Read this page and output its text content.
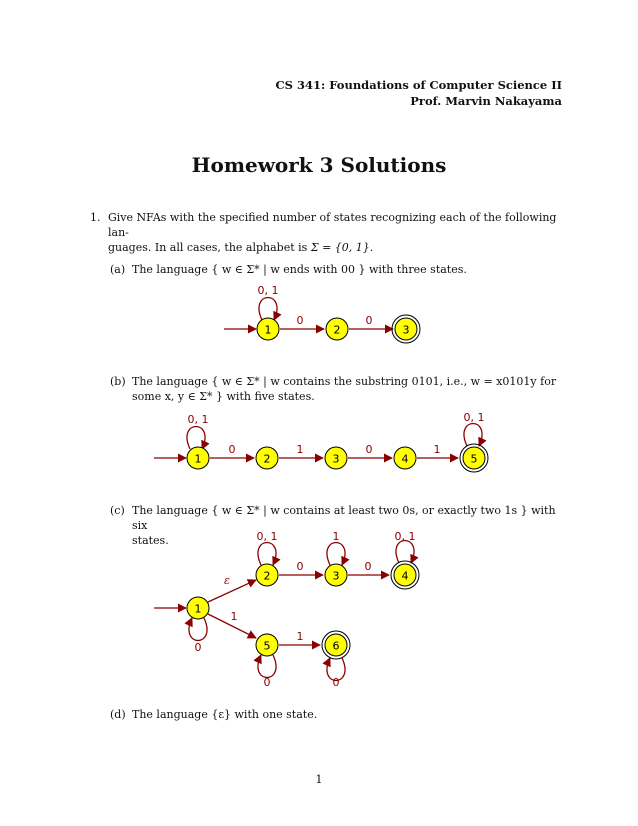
CS 341: Foundations of Computer Science II
Prof. Marvin Nakayama
Homework 3 Solutions
1. Give NFAs with the specified number of states recognizing each of the following lan-
guages. In all cases, the alphabet is Σ = {0, 1}.
(a) The language { w ∈ Σ* | w ends with 00 } with three states.
(b) The language { w ∈ Σ* | w contains the substring 0101, i.e., w = x0101y for
some x, y ∈ Σ* } with five states.
(c) The language { w ∈ Σ* | w contains at least two 0s, or exactly two 1s } with six
states.
(d) The language {ε} with one state.
1
0, 1
0	0
1	2	3
0, 1
0	1	0	1
0, 1
1	2	3	4	5
0
ε
1
0, 1	1	0, 1
0	0
1
0	0
1
2	3	4
5	6
